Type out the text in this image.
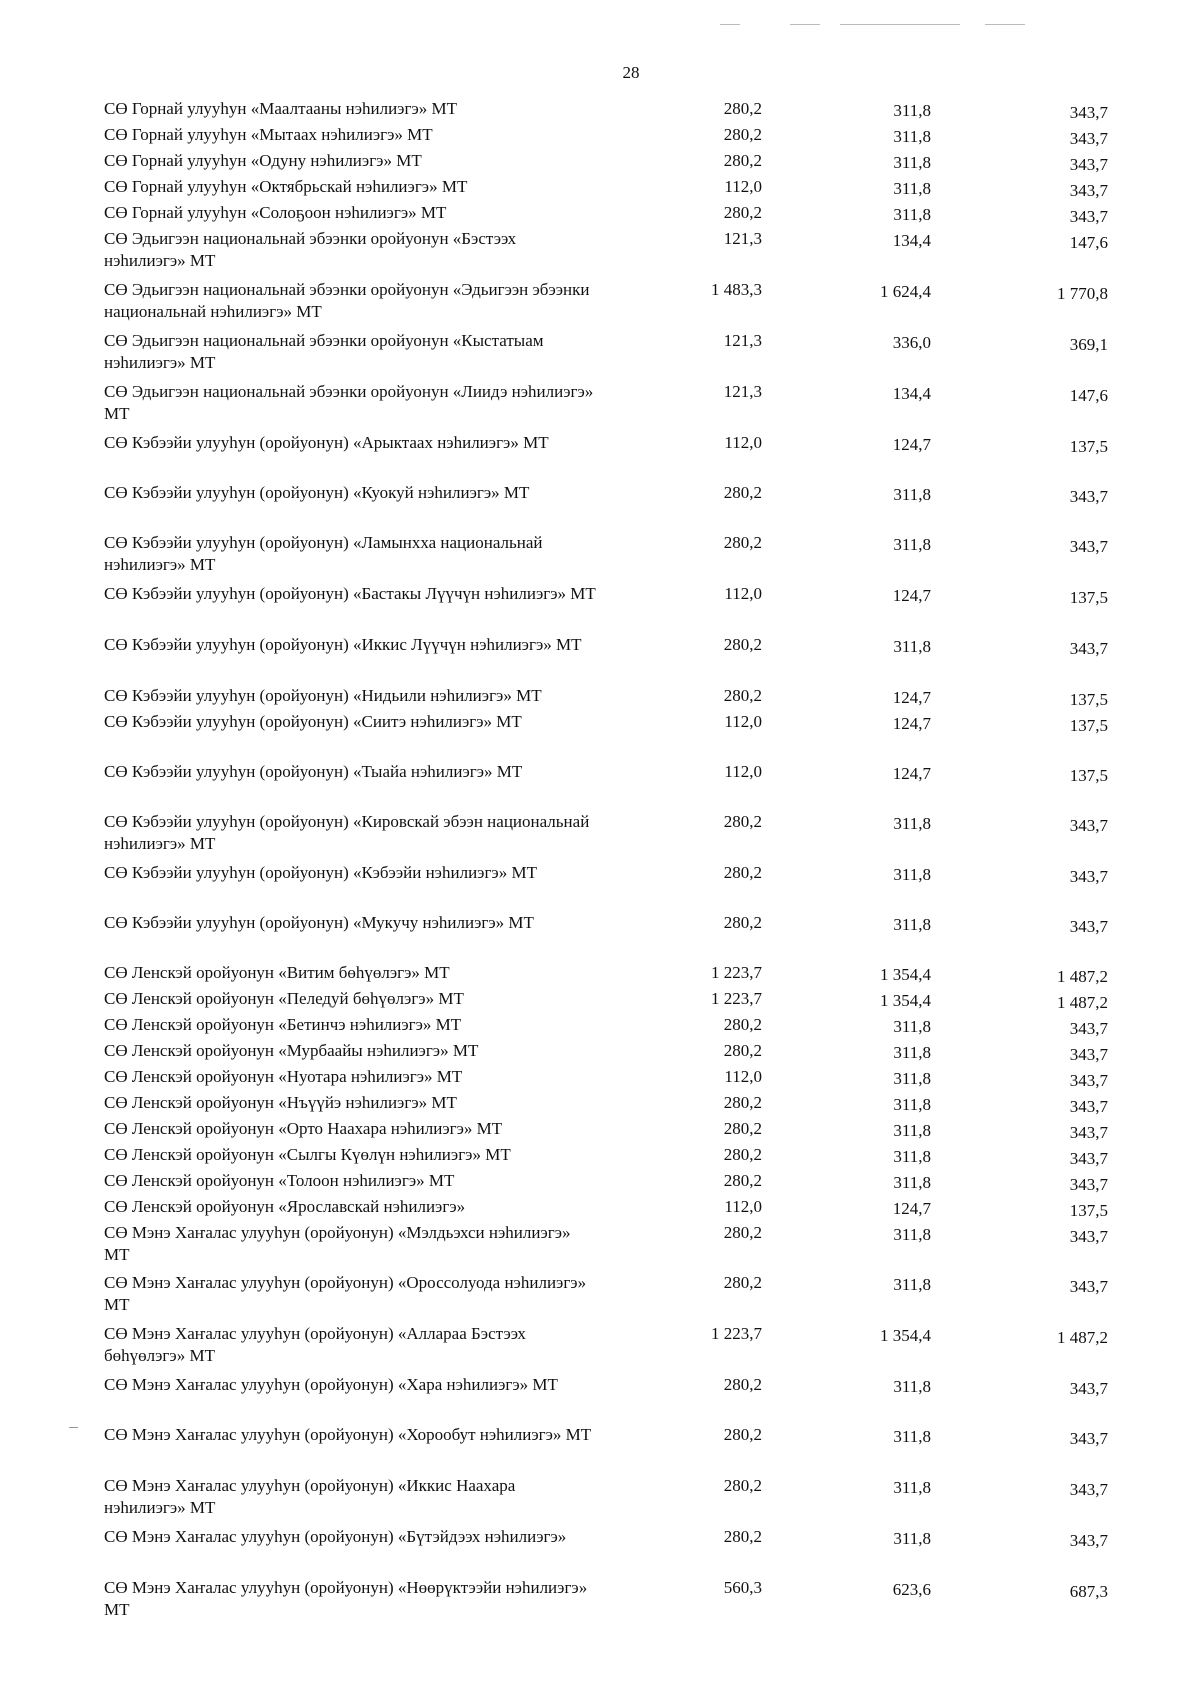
28
СӨ Горнай улууһун «Маалтааны нэһилиэгэ» МТ	280,2	311,8	343,7
СӨ Горнай улууһун «Мытаах нэһилиэгэ» МТ	280,2	311,8	343,7
СӨ Горнай улууһун «Одуну нэһилиэгэ» МТ	280,2	311,8	343,7
СӨ Горнай улууһун «Октябрьскай нэһилиэгэ» МТ	112,0	311,8	343,7
СӨ Горнай улууһун «Солоҕоон нэһилиэгэ» МТ	280,2	311,8	343,7
СӨ Эдьигээн национальнай эбээнки оройуонун «Бэстээх нэһилиэгэ» МТ
121,3	134,4	147,6
СӨ Эдьигээн национальнай эбээнки оройуонун «Эдьигээн эбээнки национальнай нэһилиэгэ» МТ
1 483,3	1 624,4	1 770,8
СӨ Эдьигээн национальнай эбээнки оройуонун «Кыстатыам нэһилиэгэ» МТ
121,3	336,0	369,1
СӨ Эдьигээн национальнай эбээнки оройуонун «Лиидэ нэһилиэгэ» МТ
121,3	134,4	147,6
СӨ Кэбээйи улууһун (оройуонун) «Арыктаах нэһилиэгэ» МТ	112,0	124,7	137,5
СӨ Кэбээйи улууһун (оройуонун) «Куокуй нэһилиэгэ» МТ	280,2	311,8	343,7
СӨ Кэбээйи улууһун (оройуонун) «Ламынхха национальнай нэһилиэгэ» МТ
280,2	311,8	343,7
СӨ Кэбээйи улууһун (оройуонун) «Бастакы Лүүчүн нэһилиэгэ» МТ	112,0	124,7	137,5
СӨ Кэбээйи улууһун (оройуонун) «Иккис Лүүчүн нэһилиэгэ» МТ	280,2	311,8	343,7
СӨ Кэбээйи улууһун (оройуонун) «Нидьили нэһилиэгэ» МТ	280,2	124,7	137,5
СӨ Кэбээйи улууһун (оройуонун) «Сиитэ нэһилиэгэ» МТ	112,0	124,7	137,5
СӨ Кэбээйи улууһун (оройуонун) «Тыайа нэһилиэгэ» МТ	112,0	124,7	137,5
СӨ Кэбээйи улууһун (оройуонун) «Кировскай эбээн национальнай нэһилиэгэ» МТ
280,2	311,8	343,7
СӨ Кэбээйи улууһун (оройуонун) «Кэбээйи нэһилиэгэ» МТ	280,2	311,8	343,7
СӨ Кэбээйи улууһун (оройуонун) «Мукучу нэһилиэгэ» МТ	280,2	311,8	343,7
СӨ Ленскэй оройуонун «Витим бөһүөлэгэ» МТ	1 223,7	1 354,4	1 487,2
СӨ Ленскэй оройуонун «Пеледуй бөһүөлэгэ» МТ	1 223,7	1 354,4	1 487,2
СӨ Ленскэй оройуонун «Бетинчэ нэһилиэгэ» МТ	280,2	311,8	343,7
СӨ Ленскэй оройуонун «Мурбаайы нэһилиэгэ» МТ	280,2	311,8	343,7
СӨ Ленскэй оройуонун «Нуотара нэһилиэгэ» МТ	112,0	311,8	343,7
СӨ Ленскэй оройуонун «Нъүүйэ нэһилиэгэ» МТ	280,2	311,8	343,7
СӨ Ленскэй оройуонун «Орто Наахара нэһилиэгэ» МТ	280,2	311,8	343,7
СӨ Ленскэй оройуонун «Сылгы Күөлүн нэһилиэгэ» МТ	280,2	311,8	343,7
СӨ Ленскэй оройуонун «Толоон нэһилиэгэ» МТ	280,2	311,8	343,7
СӨ Ленскэй оройуонун «Ярославскай нэһилиэгэ»	112,0	124,7	137,5
СӨ Мэнэ Хаҥалас улууһун (оройуонун) «Мэлдьэхси нэһилиэгэ» МТ
280,2	311,8	343,7
СӨ Мэнэ Хаҥалас улууһун (оройуонун) «Оросcолуода нэһилиэгэ» МТ
280,2	311,8	343,7
СӨ Мэнэ Хаҥалас улууһун (оройуонун) «Аллараа Бэстээх бөһүөлэгэ» МТ
1 223,7	1 354,4	1 487,2
СӨ Мэнэ Хаҥалас улууһун (оройуонун) «Хара нэһилиэгэ» МТ	280,2	311,8	343,7
СӨ Мэнэ Хаҥалас улууһун (оройуонун) «Хорообут нэһилиэгэ» МТ	280,2	311,8	343,7
СӨ Мэнэ Хаҥалас улууһун (оройуонун) «Иккис Наахара нэһилиэгэ» МТ
280,2	311,8	343,7
СӨ Мэнэ Хаҥалас улууһун (оройуонун) «Бүтэйдээх нэһилиэгэ»	280,2	311,8	343,7
СӨ Мэнэ Хаҥалас улууһун (оройуонун) «Нөөрүктээйи нэһилиэгэ» МТ
560,3	623,6	687,3
